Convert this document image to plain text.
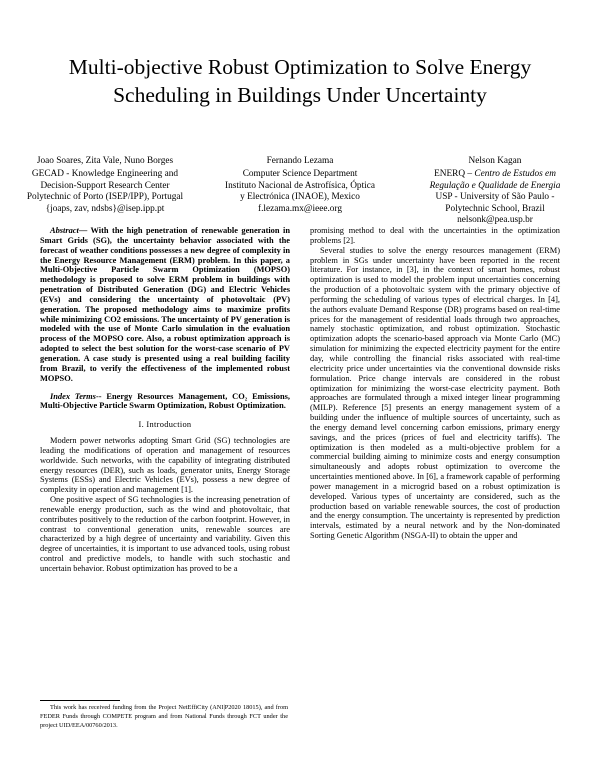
Multi-objective Robust Optimization to Solve Energy
Scheduling in Buildings Under Uncertainty
Joao Soares, Zita Vale, Nuno Borges
GECAD - Knowledge Engineering and
Decision-Support Research Center
Polytechnic of Porto (ISEP/IPP), Portugal
{joaps, zav, ndsbs}@isep.ipp.pt
Fernando Lezama
Computer Science Department
Instituto Nacional de Astrofísica, Óptica
y Electrónica (INAOE), Mexico
f.lezama.mx@ieee.org
Nelson Kagan
ENERQ – Centro de Estudos em
Regulação e Qualidade de Energia
USP - University of São Paulo -
Polytechnic School, Brazil
nelsonk@pea.usp.br

Abstract— With the high penetration of renewable generation in Smart Grids (SG), the uncertainty behavior associated with the forecast of weather conditions possesses a new degree of complexity in the Energy Resource Management (ERM) problem. In this paper, a Multi-Objective Particle Swarm Optimization (MOPSO) methodology is proposed to solve ERM problem in buildings with penetration of Distributed Generation (DG) and Electric Vehicles (EVs) and considering the uncertainty of photovoltaic (PV) generation. The proposed methodology aims to maximize profits while minimizing CO2 emissions. The uncertainty of PV generation is modeled with the use of Monte Carlo simulation in the evaluation process of the MOPSO core. Also, a robust optimization approach is adopted to select the best solution for the worst-case scenario of PV generation. A case study is presented using a real building facility from Brazil, to verify the effectiveness of the implemented robust MOPSO.

Index Terms-- Energy Resources Management, CO₂ Emissions, Multi-Objective Particle Swarm Optimization, Robust Optimization.

I. Introduction

Modern power networks adopting Smart Grid (SG) technologies are leading the modifications of operation and management of resources worldwide. Such networks, with the capability of integrating distributed energy resources (DER), such as loads, generator units, Energy Storage Systems (ESSs) and Electric Vehicles (EVs), possess a new degree of complexity in operation and management [1].

One positive aspect of SG technologies is the increasing penetration of renewable energy production, such as the wind and photovoltaic, that contributes positively to the reduction of the carbon footprint. However, in contrast to conventional generation units, renewable sources are characterized by a high degree of uncertainty and variability. Given this degree of uncertainties, it is important to use advanced tools, using robust control and predictive models, to handle with such stochastic and uncertain behavior. Robust optimization has proved to be a

This work has received funding from the Project NetEffiCity (ANI|P2020 18015), and from FEDER Funds through COMPETE program and from National Funds through FCT under the project UID/EEA/00760/2013.

promising method to deal with the uncertainties in the optimization problems [2].

Several studies to solve the energy resources management (ERM) problem in SGs under uncertainty have been reported in the recent literature. For instance, in [3], in the context of smart homes, robust optimization is used to model the problem input uncertainties concerning the production of a photovoltaic system with the primary objective of performing the scheduling of various types of electrical charges. In [4], the authors evaluate Demand Response (DR) programs based on real-time prices for the management of residential loads through two approaches, namely stochastic optimization, and robust optimization. Stochastic optimization adopts the scenario-based approach via Monte Carlo (MC) simulation for minimizing the expected electricity payment for the entire day, while controlling the financial risks associated with real-time electricity price under uncertainties via the conventional downside risks formulation. Price change intervals are considered in the robust optimization for minimizing the worst-case electricity payment. Both approaches are formulated through a mixed integer linear programming (MILP). Reference [5] presents an energy management system of a building under the influence of multiple sources of uncertainty, such as the energy demand level concerning carbon emissions, primary energy savings, and the prices (prices of fuel and electricity tariffs). The optimization is then modeled as a multi-objective problem for a commercial building aiming to minimize costs and energy consumption simultaneously and adopts robust optimization to overcome the uncertainties mentioned above. In [6], a framework capable of performing power management in a microgrid based on a robust optimization is developed. Various types of uncertainty are considered, such as the production based on variable renewable sources, the cost of production and the energy consumption. The uncertainty is represented by prediction intervals, estimated by a neural network and by the Non-dominated Sorting Genetic Algorithm (NSGA-II) to obtain the upper and
